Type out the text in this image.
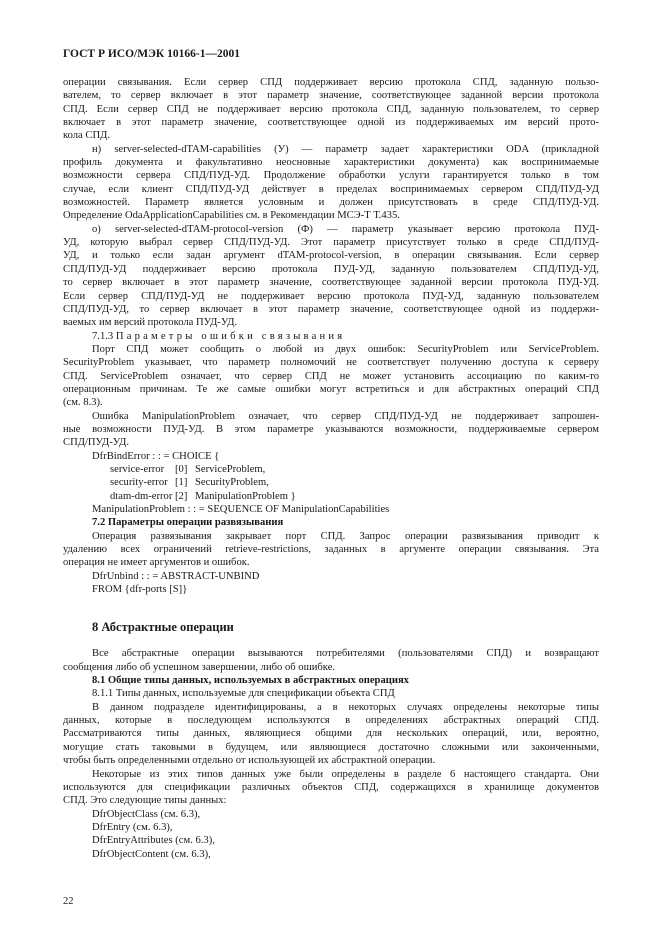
ГОСТ Р ИСО/МЭК 10166-1—2001
операции связывания. Если сервер СПД поддерживает версию протокола СПД, заданную пользо-
вателем, то сервер включает в этот параметр значение, соответствующее заданной версии протокола
СПД. Если сервер СПД не поддерживает версию протокола СПД, заданную пользователем, то сервер
включает в этот параметр значение, соответствующее одной из поддерживаемых им версий прото-
кола СПД.
н) server-selected-dTAM-capabilities (У) — параметр задает характеристики ODA (прикладной
профиль документа и факультативно неосновные характеристики документа) как воспринимаемые
возможности сервера СПД/ПУД-УД. Продолжение обработки услуги гарантируется только в том
случае, если клиент СПД/ПУД-УД действует в пределах воспринимаемых сервером СПД/ПУД-УД
возможностей. Параметр является условным и должен присутствовать в среде СПД/ПУД-УД.
Определение OdaApplicationCapabilities см. в Рекомендации МСЭ-Т Т.435.
о) server-selected-dTAM-protocol-version (Ф) — параметр указывает версию протокола ПУД-
УД, которую выбрал сервер СПД/ПУД-УД. Этот параметр присутствует только в среде СПД/ПУД-
УД, и только если задан аргумент dTAM-protocol-version, в операции связывания. Если сервер
СПД/ПУД-УД поддерживает версию протокола ПУД-УД, заданную пользователем СПД/ПУД-УД,
то сервер включает в этот параметр значение, соответствующее заданной версии протокола ПУД-УД.
Если сервер СПД/ПУД-УД не поддерживает версию протокола ПУД-УД, заданную пользователем
СПД/ПУД-УД, то сервер включает в этот параметр значение, соответствующее одной из поддержи-
ваемых им версий протокола ПУД-УД.
7.1.3 Параметры ошибки связывания
Порт СПД может сообщить о любой из двух ошибок: SecurityProblem или ServiceProblem.
SecurityProblem указывает, что параметр полномочий не соответствует получению доступа к серверу
СПД. ServiceProblem означает, что сервер СПД не может установить ассоциацию по каким-то
операционным причинам. Те же самые ошибки могут встретиться и для абстрактных операций СПД
(см. 8.3).
Ошибка ManipulationProblem означает, что сервер СПД/ПУД-УД не поддерживает запрошен-
ные возможности ПУД-УД. В этом параметре указываются возможности, поддерживаемые сервером
СПД/ПУД-УД.
DfrBindError : : = CHOICE {
service-error [0] ServiceProblem,
security-error [1] SecurityProblem,
dtam-dm-error [2] ManipulationProblem }
ManipulationProblem : : = SEQUENCE OF ManipulationCapabilities
7.2 Параметры операции развязывания
Операция развязывания закрывает порт СПД. Запрос операции развязывания приводит к
удалению всех ограничений retrieve-restrictions, заданных в аргументе операции связывания. Эта
операция не имеет аргументов и ошибок.
DfrUnbind : : = ABSTRACT-UNBIND
FROM {dfr-ports [S]}
8 Абстрактные операции
Все абстрактные операции вызываются потребителями (пользователями СПД) и возвращают
сообщения либо об успешном завершении, либо об ошибке.
8.1 Общие типы данных, используемых в абстрактных операциях
8.1.1 Типы данных, используемые для спецификации объекта СПД
В данном подразделе идентифицированы, а в некоторых случаях определены некоторые типы
данных, которые в последующем используются в определениях абстрактных операций СПД.
Рассматриваются типы данных, являющиеся общими для нескольких операций, или, вероятно,
могущие стать таковыми в будущем, или являющиеся достаточно сложными или законченными,
чтобы быть определенными отдельно от использующей их абстрактной операции.
Некоторые из этих типов данных уже были определены в разделе 6 настоящего стандарта. Они
используются для спецификации различных объектов СПД, содержащихся в хранилище документов
СПД. Это следующие типы данных:
DfrObjectClass (см. 6.3),
DfrEntry (см. 6.3),
DfrEntryAttributes (см. 6.3),
DfrObjectContent (см. 6.3),
22
